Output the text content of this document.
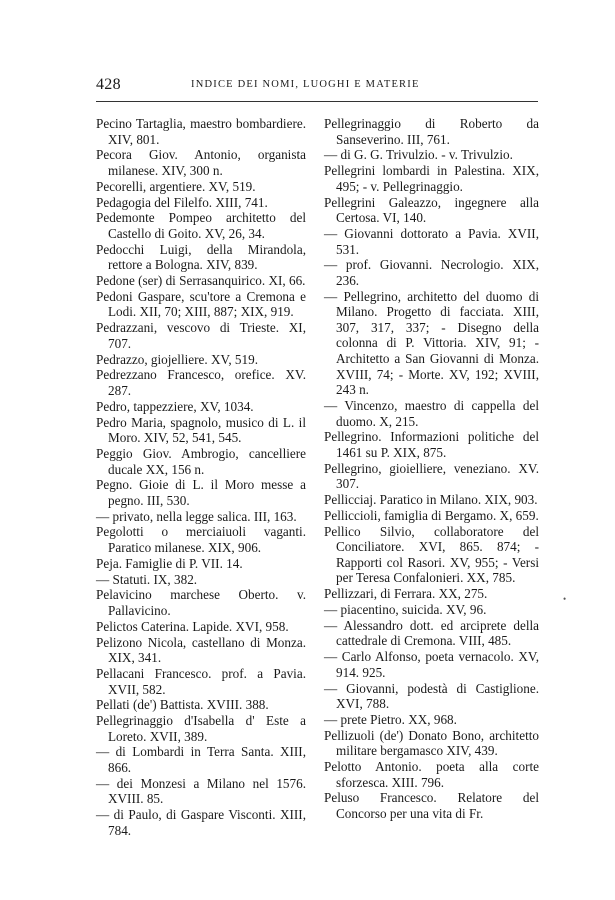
428	INDICE DEI NOMI, LUOGHI E MATERIE

Pecino Tartaglia, maestro bombardiere. XIV, 801.

Pecora Giov. Antonio, organista milanese. XIV, 300 n.

Pecorelli, argentiere. XV, 519.

Pedagogia del Filelfo. XIII, 741.

Pedemonte Pompeo architetto del Castello di Goito. XV, 26, 34.

Pedocchi Luigi, della Mirandola, rettore a Bologna. XIV, 839.

Pedone (ser) di Serrasanquirico. XI, 66.

Pedoni Gaspare, scu'tore a Cremona e Lodi. XII, 70; XIII, 887; XIX, 919.

Pedrazzani, vescovo di Trieste. XI, 707.

Pedrazzo, giojelliere. XV, 519.

Pedrezzano Francesco, orefice. XV. 287.

Pedro, tappezziere, XV, 1034.

Pedro Maria, spagnolo, musico di L. il Moro. XIV, 52, 541, 545.

Peggio Giov. Ambrogio, cancelliere ducale XX, 156 n.

Pegno. Gioie di L. il Moro messe a pegno. III, 530.

— privato, nella legge salica. III, 163.

Pegolotti o merciaiuoli vaganti. Paratico milanese. XIX, 906.

Peja. Famiglie di P. VII. 14.

— Statuti. IX, 382.

Pelavicino marchese Oberto. v. Pallavicino.

Pelictos Caterina. Lapide. XVI, 958.

Pelizono Nicola, castellano di Monza. XIX, 341.

Pellacani Francesco. prof. a Pavia. XVII, 582.

Pellati (de') Battista. XVIII. 388.

Pellegrinaggio d'Isabella d' Este a Loreto. XVII, 389.

— di Lombardi in Terra Santa. XIII, 866.

— dei Monzesi a Milano nel 1576. XVIII. 85.

— di Paulo, di Gaspare Visconti. XIII, 784.

Pellegrinaggio di Roberto da Sanseverino. III, 761.

— di G. G. Trivulzio. - v. Trivulzio.

Pellegrini lombardi in Palestina. XIX, 495; - v. Pellegrinaggio.

Pellegrini Galeazzo, ingegnere alla Certosa. VI, 140.

— Giovanni dottorato a Pavia. XVII, 531.

— prof. Giovanni. Necrologio. XIX, 236.

— Pellegrino, architetto del duomo di Milano. Progetto di facciata. XIII, 307, 317, 337; - Disegno della colonna di P. Vittoria. XIV, 91; - Architetto a San Giovanni di Monza. XVIII, 74; - Morte. XV, 192; XVIII, 243 n.

— Vincenzo, maestro di cappella del duomo. X, 215.

Pellegrino. Informazioni politiche del 1461 su P. XIX, 875.

Pellegrino, gioielliere, veneziano. XV. 307.

Pellicciaj. Paratico in Milano. XIX, 903.

Pelliccioli, famiglia di Bergamo. X, 659.

Pellico Silvio, collaboratore del Conciliatore. XVI, 865. 874; - Rapporti col Rasori. XV, 955; - Versi per Teresa Confalonieri. XX, 785.

Pellizzari, di Ferrara. XX, 275.

— piacentino, suicida. XV, 96.

— Alessandro dott. ed arciprete della cattedrale di Cremona. VIII, 485.

— Carlo Alfonso, poeta vernacolo. XV, 914. 925.

— Giovanni, podestà di Castiglione. XVI, 788.

— prete Pietro. XX, 968.

Pellizuoli (de') Donato Bono, architetto militare bergamasco XIV, 439.

Pelotto Antonio. poeta alla corte sforzesca. XIII. 796.

Peluso Francesco. Relatore del Concorso per una vita di Fr.

•
